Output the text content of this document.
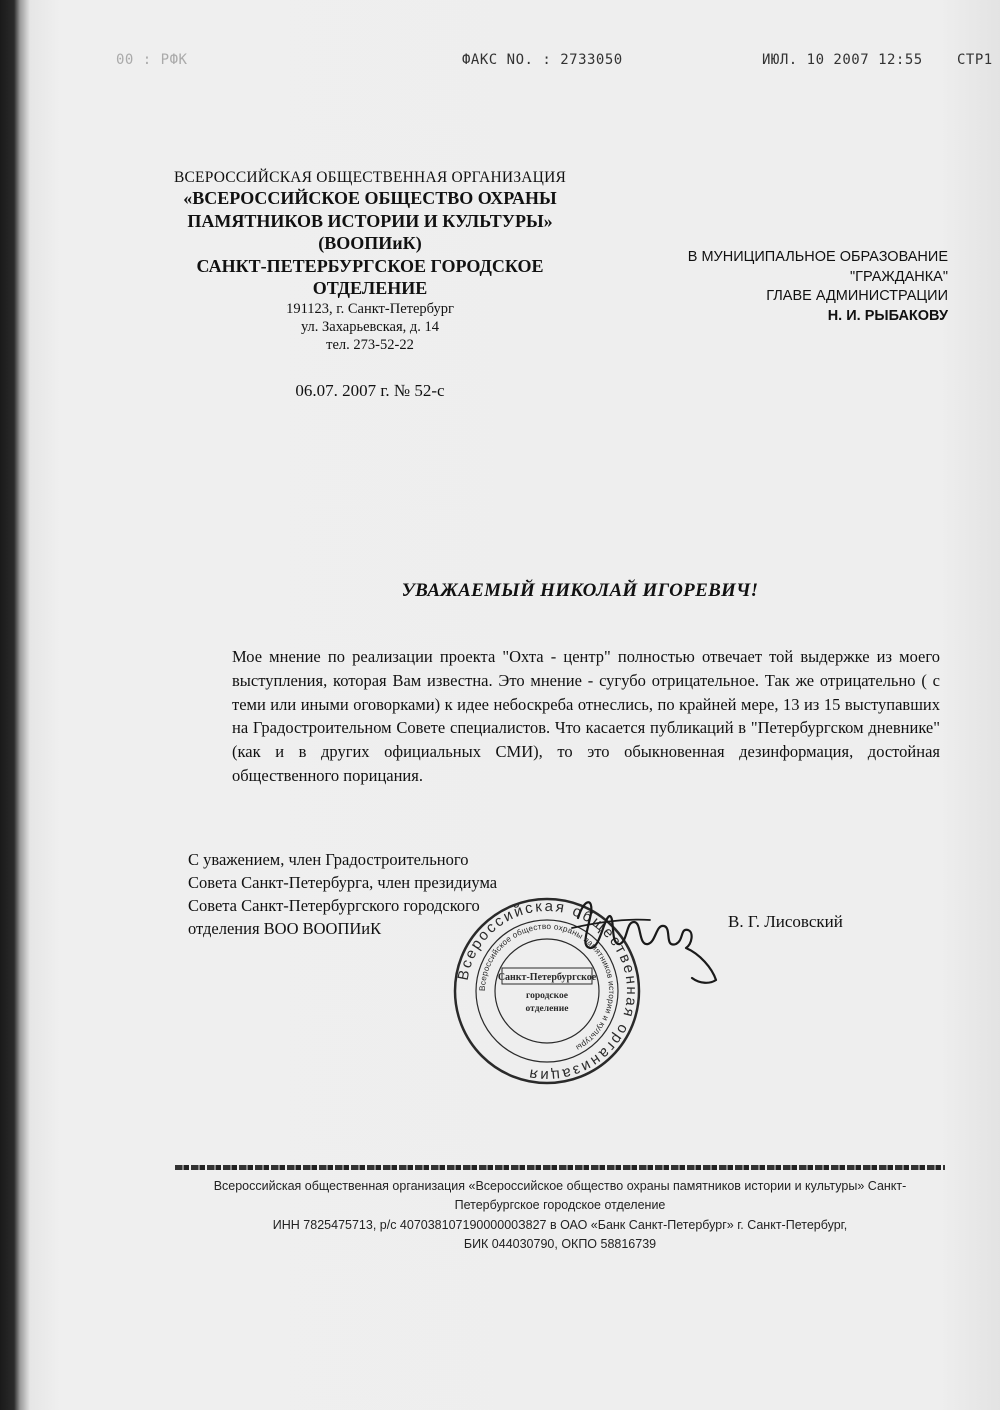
00 : РФК	ФАКС NO. : 2733050	ИЮЛ. 10 2007 12:55 СТР1
ВСЕРОССИЙСКАЯ ОБЩЕСТВЕННАЯ ОРГАНИЗАЦИЯ
«ВСЕРОССИЙСКОЕ ОБЩЕСТВО ОХРАНЫ
ПАМЯТНИКОВ ИСТОРИИ И КУЛЬТУРЫ»
(ВООПИиК)
САНКТ-ПЕТЕРБУРГСКОЕ ГОРОДСКОЕ
ОТДЕЛЕНИЕ
191123, г. Санкт-Петербург
ул. Захарьевская, д. 14
тел. 273-52-22
06.07. 2007 г. № 52-с
В МУНИЦИПАЛЬНОЕ ОБРАЗОВАНИЕ
"ГРАЖДАНКА"
ГЛАВЕ АДМИНИСТРАЦИИ
Н. И. РЫБАКОВУ
УВАЖАЕМЫЙ НИКОЛАЙ ИГОРЕВИЧ!
Мое мнение по реализации проекта "Охта - центр" полностью отвечает той выдержке из моего выступления, которая Вам известна. Это мнение - сугубо отрицательное. Так же отрицательно ( с теми или иными оговорками) к идее небоскреба отнеслись, по крайней мере, 13 из 15 выступавших на Градостроительном Совете специалистов. Что касается публикаций в "Петербургском дневнике" (как и в других официальных СМИ), то это обыкновенная дезинформация, достойная общественного порицания.
С уважением, член Градостроительного
Совета Санкт-Петербурга, член президиума
Совета Санкт-Петербургского городского
отделения ВОО ВООПИиК
Всероссийская общественная организация
Всероссийское общество охраны памятников истории и культуры
Санкт-Петербургское
городское
отделение
В. Г. Лисовский
Всероссийская общественная организация «Всероссийское общество охраны памятников истории и культуры» Санкт-
Петербургское городское отделение
ИНН 7825475713, р/с 40703810719000000З827 в ОАО «Банк Санкт-Петербург» г. Санкт-Петербург,
БИК 044030790, ОКПО 58816739
